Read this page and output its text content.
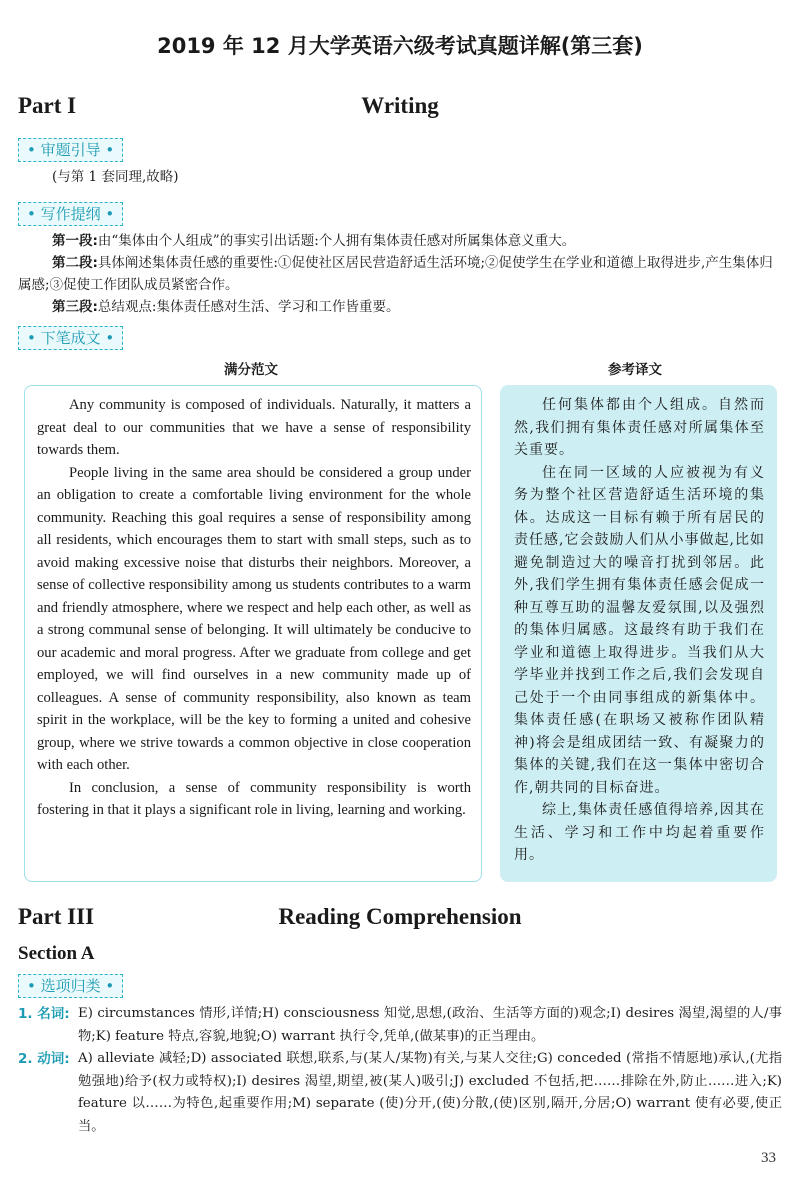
2019 年 12 月大学英语六级考试真题详解(第三套)
Part I	Writing
• 审题引导 •
(与第 1 套同理,故略)
• 写作提纲 •

第一段:由“集体由个人组成”的事实引出话题:个人拥有集体责任感对所属集体意义重大。

第二段:具体阐述集体责任感的重要性:①促使社区居民营造舒适生活环境;②促使学生在学业和道德上取得进步,产生集体归属感;③促使工作团队成员紧密合作。

第三段:总结观点:集体责任感对生活、学习和工作皆重要。

• 下笔成文 •
满分范文	参考译文

Any community is composed of individuals. Naturally, it matters a great deal to our communities that we have a sense of responsibility towards them.

People living in the same area should be considered a group under an obligation to create a comfortable living environment for the whole community. Reaching this goal requires a sense of responsibility among all residents, which encourages them to start with small steps, such as to avoid making excessive noise that disturbs their neighbors. Moreover, a sense of collective responsibility among us students contributes to a warm and friendly atmosphere, where we respect and help each other, as well as a strong communal sense of belonging. It will ultimately be conducive to our academic and moral progress. After we graduate from college and get employed, we will find ourselves in a new community made up of colleagues. A sense of community responsibility, also known as team spirit in the workplace, will be the key to forming a united and cohesive group, where we strive towards a common objective in close cooperation with each other.

In conclusion, a sense of community responsibility is worth fostering in that it plays a significant role in living, learning and working.

任何集体都由个人组成。自然而然,我们拥有集体责任感对所属集体至关重要。

住在同一区域的人应被视为有义务为整个社区营造舒适生活环境的集体。达成这一目标有赖于所有居民的责任感,它会鼓励人们从小事做起,比如避免制造过大的噪音打扰到邻居。此外,我们学生拥有集体责任感会促成一种互尊互助的温馨友爱氛围,以及强烈的集体归属感。这最终有助于我们在学业和道德上取得进步。当我们从大学毕业并找到工作之后,我们会发现自己处于一个由同事组成的新集体中。集体责任感(在职场又被称作团队精神)将会是组成团结一致、有凝聚力的集体的关键,我们在这一集体中密切合作,朝共同的目标奋进。

综上,集体责任感值得培养,因其在生活、学习和工作中均起着重要作用。

Part III	Reading Comprehension
Section A
• 选项归类 •
1. 名词: E) circumstances 情形,详情;H) consciousness 知觉,思想,(政治、生活等方面的)观念;I) desires 渴望,渴望的人/事物;K) feature 特点,容貌,地貌;O) warrant 执行令,凭单,(做某事)的正当理由。
2. 动词: A) alleviate 减轻;D) associated 联想,联系,与(某人/某物)有关,与某人交往;G) conceded (常指不情愿地)承认,(尤指勉强地)给予(权力或特权);I) desires 渴望,期望,被(某人)吸引;J) excluded 不包括,把……排除在外,防止……进入;K) feature 以……为特色,起重要作用;M) separate (使)分开,(使)分散,(使)区别,隔开,分居;O) warrant 使有必要,使正当。
33
